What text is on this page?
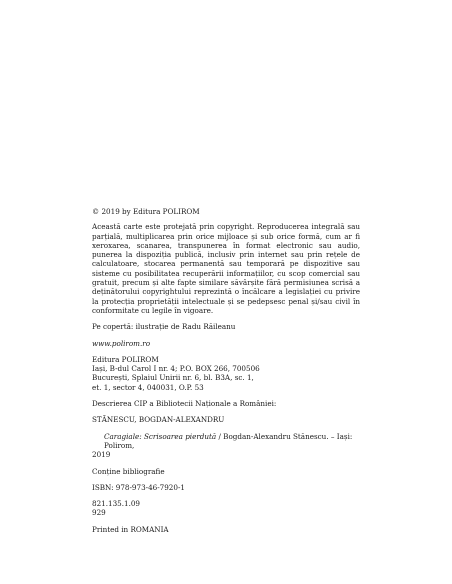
© 2019 by Editura POLIROM

Această carte este protejată prin copyright. Reproducerea integrală sau parțială, multiplicarea prin orice mijloace și sub orice formă, cum ar fi xeroxarea, scanarea, transpunerea în format electronic sau audio, punerea la dispoziția publică, inclusiv prin internet sau prin rețele de calculatoare, stocarea permanentă sau temporară pe dispozitive sau sisteme cu posibilitatea recuperării informațiilor, cu scop comercial sau gratuit, precum și alte fapte similare săvârșite fără permisiunea scrisă a deținătorului copyrightului reprezintă o încălcare a legislației cu privire la protecția proprietății intelectuale și se pedepsesc penal și/sau civil în conformitate cu legile în vigoare.

Pe copertă: ilustrație de Radu Răileanu

www.polirom.ro

Editura POLIROM

Iași, B-dul Carol I nr. 4; P.O. BOX 266, 700506

București, Splaiul Unirii nr. 6, bl. B3A, sc. 1,

et. 1, sector 4, 040031, O.P. 53

Descrierea CIP a Bibliotecii Naționale a României:

STĂNESCU, BOGDAN-ALEXANDRU

Caragiale: Scrisoarea pierdută / Bogdan-Alexandru Stănescu. – Iași: Polirom,

2019

Conține bibliografie

ISBN: 978-973-46-7920-1

821.135.1.09

929

Printed in ROMANIA
